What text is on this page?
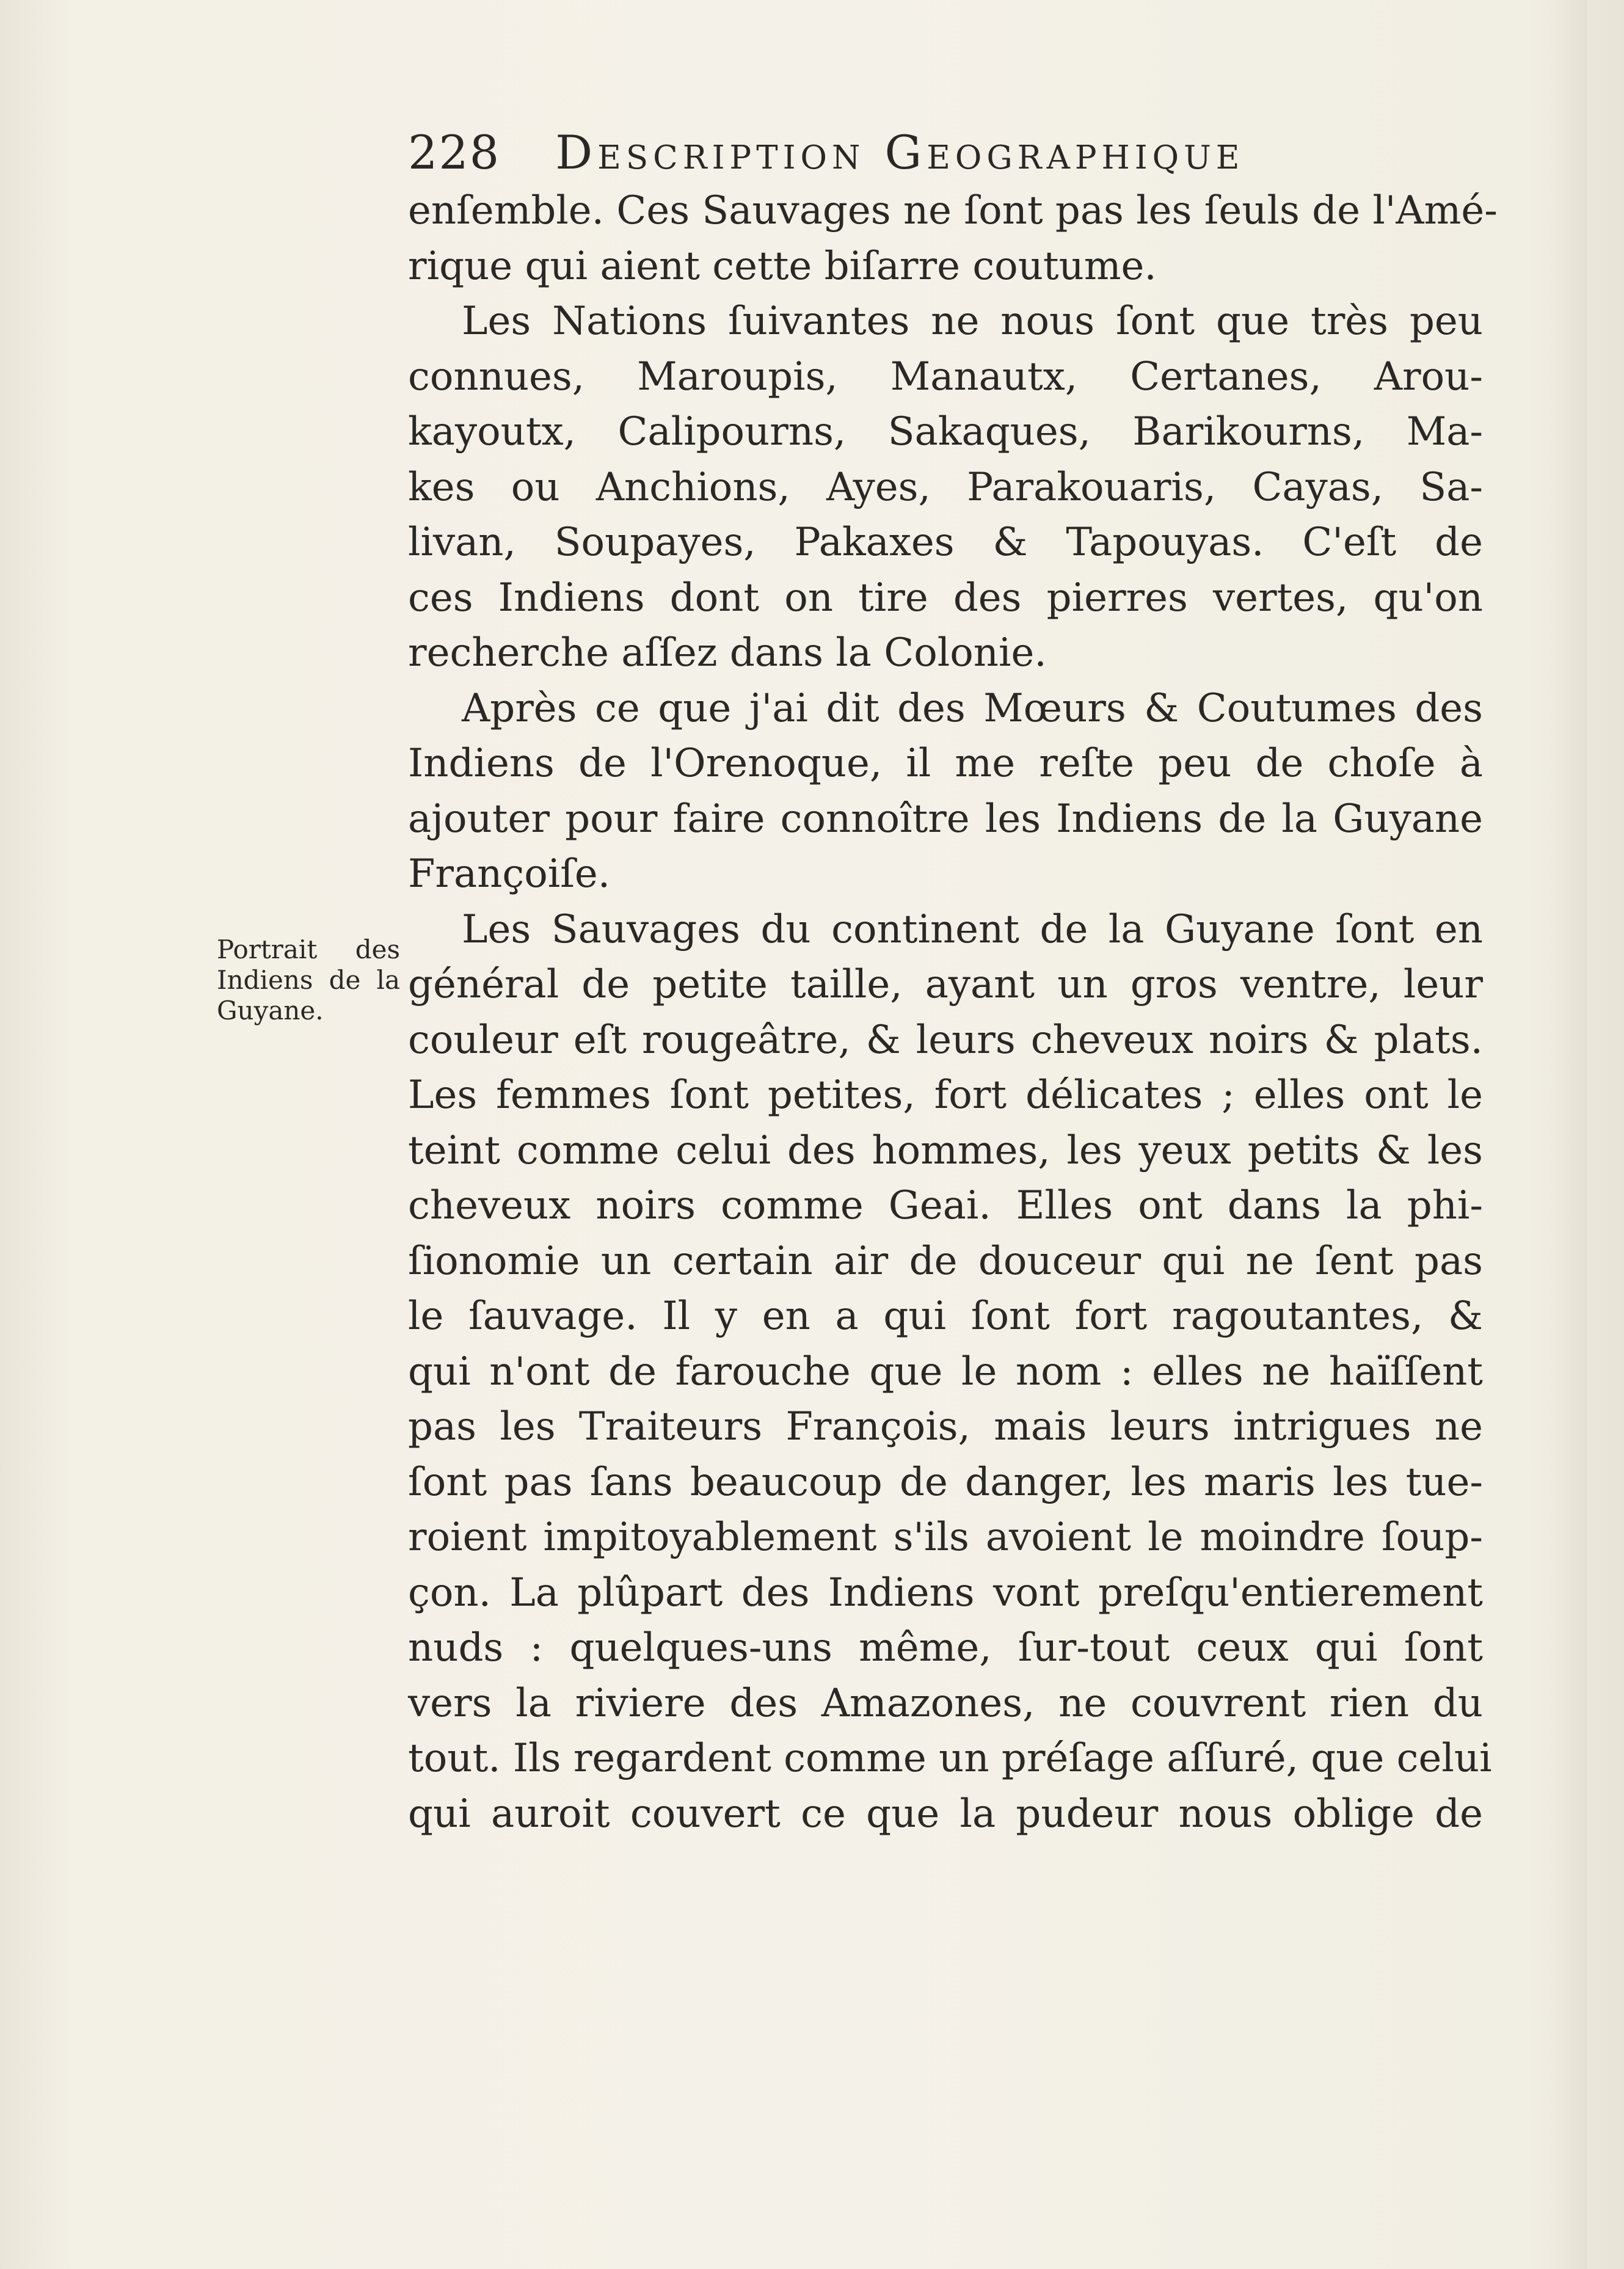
228 Description Geographique
Portrait des
Indiens de la
Guyane.
enſemble. Ces Sauvages ne ſont pas les ſeuls de l'Amé-
rique qui aient cette biſarre coutume.
Les Nations ſuivantes ne nous ſont que très peu
connues, Maroupis, Manautx, Certanes, Arou-
kayoutx, Calipourns, Sakaques, Barikourns, Ma-
kes ou Anchions, Ayes, Parakouaris, Cayas, Sa-
livan, Soupayes, Pakaxes & Tapouyas. C'eſt de
ces Indiens dont on tire des pierres vertes, qu'on
recherche aſſez dans la Colonie.
Après ce que j'ai dit des Mœurs & Coutumes des
Indiens de l'Orenoque, il me reſte peu de choſe à
ajouter pour faire connoître les Indiens de la Guyane
Françoiſe.
Les Sauvages du continent de la Guyane ſont en
général de petite taille, ayant un gros ventre, leur
couleur eſt rougeâtre, & leurs cheveux noirs & plats.
Les femmes ſont petites, fort délicates ; elles ont le
teint comme celui des hommes, les yeux petits & les
cheveux noirs comme Geai. Elles ont dans la phi-
ſionomie un certain air de douceur qui ne ſent pas
le ſauvage. Il y en a qui ſont fort ragoutantes, &
qui n'ont de farouche que le nom : elles ne haïſſent
pas les Traiteurs François, mais leurs intrigues ne
ſont pas ſans beaucoup de danger, les maris les tue-
roient impitoyablement s'ils avoient le moindre ſoup-
çon. La plûpart des Indiens vont preſqu'entierement
nuds : quelques-uns même, ſur-tout ceux qui ſont
vers la riviere des Amazones, ne couvrent rien du
tout. Ils regardent comme un préſage aſſuré, que celui
qui auroit couvert ce que la pudeur nous oblige de
